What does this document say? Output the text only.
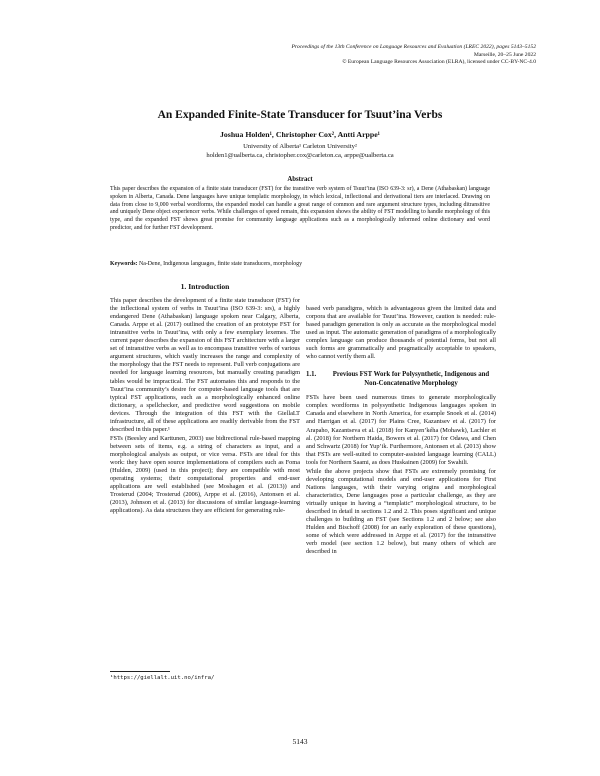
Proceedings of the 13th Conference on Language Resources and Evaluation (LREC 2022), pages 5143–5152
Marseille, 20–25 June 2022
© European Language Resources Association (ELRA), licensed under CC-BY-NC-4.0
An Expanded Finite-State Transducer for Tsuut’ina Verbs
Joshua Holden¹, Christopher Cox², Antti Arppe¹
University of Alberta¹ Carleton University²
holden1@ualberta.ca, christopher.cox@carleton.ca, arppe@ualberta.ca
Abstract
This paper describes the expansion of a finite state transducer (FST) for the transitive verb system of Tsuut’ina (ISO 639-3: sr), a Dene (Athabaskan) language spoken in Alberta, Canada. Dene languages have unique templatic morphology, in which lexical, inflectional and derivational tiers are interlaced. Drawing on data from close to 9,000 verbal wordforms, the expanded model can handle a great range of common and rare argument structure types, including ditransitive and uniquely Dene object experiencer verbs. While challenges of speed remain, this expansion shows the ability of FST modelling to handle morphology of this type, and the expanded FST shows great promise for community language applications such as a morphologically informed online dictionary and word predictor, and for further FST development.
Keywords: Na-Dene, Indigenous languages, finite state transducers, morphology
1. Introduction

This paper describes the development of a finite state transducer (FST) for the inflectional system of verbs in Tsuut’ina (ISO 639-3: srs), a highly endangered Dene (Athabaskan) language spoken near Calgary, Alberta, Canada. Arppe et al. (2017) outlined the creation of an prototype FST for intransitive verbs in Tsuut’ina, with only a few exemplary lexemes. The current paper describes the expansion of this FST architecture with a larger set of intransitive verbs as well as to encompass transitive verbs of various argument structures, which vastly increases the range and complexity of the morphology that the FST needs to represent. Full verb conjugations are needed for language learning resources, but manually creating paradigm tables would be impractical. The FST automates this and responds to the Tsuut’ina community’s desire for computer-based language tools that are typical FST applications, such as a morphologically enhanced online dictionary, a spellchecker, and predictive word suggestions on mobile devices. Through the integration of this FST with the GiellaLT infrastructure, all of these applications are readily derivable from the FST described in this paper.¹

FSTs (Beesley and Karttunen, 2003) use bidirectional rule-based mapping between sets of items, e.g. a string of characters as input, and a morphological analysis as output, or vice versa. FSTs are ideal for this work: they have open source implementations of compilers such as Foma (Hulden, 2009) (used in this project); they are compatible with most operating systems; their computational properties and end-user applications are well established (see Moshagen et al. (2013)) and Trosterud (2004; Trosterud (2006), Arppe et al. (2016), Antonsen et al. (2013), Johnson et al. (2013) for discussions of similar language-learning applications). As data structures they are efficient for generating rule-

based verb paradigms, which is advantageous given the limited data and corpora that are available for Tsuut’ina. However, caution is needed: rule-based paradigm generation is only as accurate as the morphological model used as input. The automatic generation of paradigms of a morphologically complex language can produce thousands of potential forms, but not all such forms are grammatically and pragmatically acceptable to speakers, who cannot verify them all.

1.1.	Previous FST Work for Polysynthetic, Indigenous and Non-Concatenative Morphology

FSTs have been used numerous times to generate morphologically complex wordforms in polysynthetic Indigenous languages spoken in Canada and elsewhere in North America, for example Snoek et al. (2014) and Harrigan et al. (2017) for Plains Cree, Kazantsev et al. (2017) for Arapaho, Kazantseva et al. (2018) for Kanyen’kéha (Mohawk), Lachler et al. (2018) for Northern Haida, Bowers et al. (2017) for Odawa, and Chen and Schwartz (2018) for Yup’ik. Furthermore, Antonsen et al. (2013) show that FSTs are well-suited to computer-assisted language learning (CALL) tools for Northern Saami, as does Huskainen (2009) for Swahili.

While the above projects show that FSTs are extremely promising for developing computational models and end-user applications for First Nations languages, with their varying origins and morphological characteristics, Dene languages pose a particular challenge, as they are virtually unique in having a “templatic” morphological structure, to be described in detail in sections 1.2 and 2. This poses significant and unique challenges to building an FST (see Sections 1.2 and 2 below; see also Hulden and Bischoff (2008) for an early exploration of these questions), some of which were addressed in Arppe et al. (2017) for the intransitive verb model (see section 1.2 below), but many others of which are described in

¹https://giellalt.uit.no/infra/
5143
